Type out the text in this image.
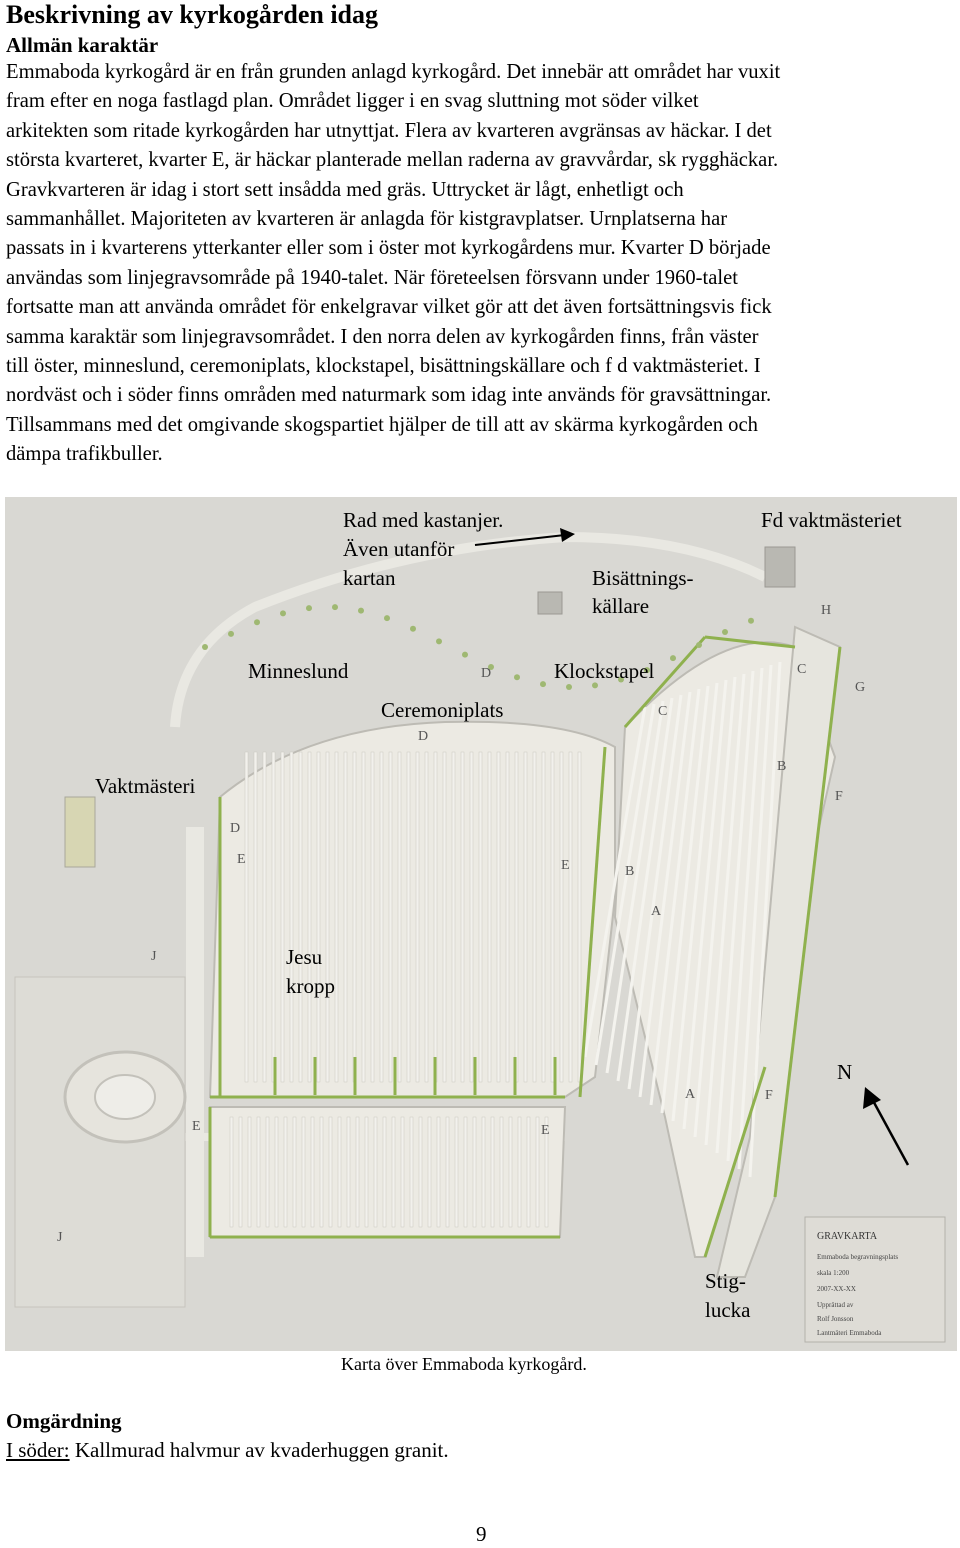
Beskrivning av kyrkogården idag
Allmän karaktär
Emmaboda kyrkogård är en från grunden anlagd kyrkogård. Det innebär att området har vuxit
fram efter en noga fastlagd plan. Området ligger i en svag sluttning mot söder vilket
arkitekten som ritade kyrkogården har utnyttjat. Flera av kvarteren avgränsas av häckar. I det
största kvarteret, kvarter E, är häckar planterade mellan raderna av gravvårdar, sk rygghäckar.
Gravkvarteren är idag i stort sett insådda med gräs. Uttrycket är lågt, enhetligt och
sammanhållet. Majoriteten av kvarteren är anlagda för kistgravplatser. Urnplatserna har
passats in i kvarterens ytterkanter eller som i öster mot kyrkogårdens mur. Kvarter D började
användas som linjegravsområde på 1940-talet. När företeelsen försvann under 1960-talet
fortsatte man att använda området för enkelgravar vilket gör att det även fortsättningsvis fick
samma karaktär som linjegravsområdet. I den norra delen av kyrkogården finns, från väster
till öster, minneslund, ceremoniplats, klockstapel, bisättningskällare och f d vaktmästeriet. I
nordväst och i söder finns områden med naturmark som idag inte används för gravsättningar.
Tillsammans med det omgivande skogspartiet hjälper de till att av skärma kyrkogården och
dämpa trafikbuller.
GRAVKARTA
Emmaboda begravningsplats
skala 1:200
2007-XX-XX
Upprättad av
Rolf Jonsson
Lantmäteri Emmaboda
D
D
D
C
C
H
G
B
B
F
F
E	E
E	E
A
A
J
J
Rad med kastanjer.
Även utanför
kartan
Fd vaktmästeriet
Bisättnings-
källare
Minneslund	Klockstapel
Ceremoniplats
Vaktmästeri
Jesu
kropp
N
Stig-
lucka
Karta över Emmaboda kyrkogård.
Omgärdning
I söder: Kallmurad halvmur av kvaderhuggen granit.
9
